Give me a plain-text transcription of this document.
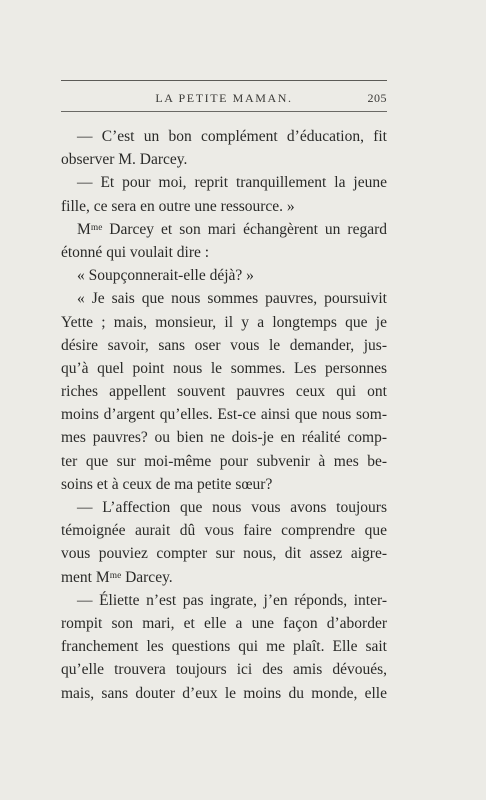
LA PETITE MAMAN.	205
— C’est un bon complément d’éducation, fit
observer M. Darcey.
— Et pour moi, reprit tranquillement la jeune
fille, ce sera en outre une ressource. »
Mᵐᵉ Darcey et son mari échangèrent un regard
étonné qui voulait dire :
« Soupçonnerait-elle déjà? »
« Je sais que nous sommes pauvres, poursuivit
Yette ; mais, monsieur, il y a longtemps que je
désire savoir, sans oser vous le demander, jus-
qu’à quel point nous le sommes. Les personnes
riches appellent souvent pauvres ceux qui ont
moins d’argent qu’elles. Est-ce ainsi que nous som-
mes pauvres? ou bien ne dois-je en réalité comp-
ter que sur moi-même pour subvenir à mes be-
soins et à ceux de ma petite sœur?
— L’affection que nous vous avons toujours
témoignée aurait dû vous faire comprendre que
vous pouviez compter sur nous, dit assez aigre-
ment Mᵐᵉ Darcey.
— Éliette n’est pas ingrate, j’en réponds, inter-
rompit son mari, et elle a une façon d’aborder
franchement les questions qui me plaît. Elle sait
qu’elle trouvera toujours ici des amis dévoués,
mais, sans douter d’eux le moins du monde, elle
